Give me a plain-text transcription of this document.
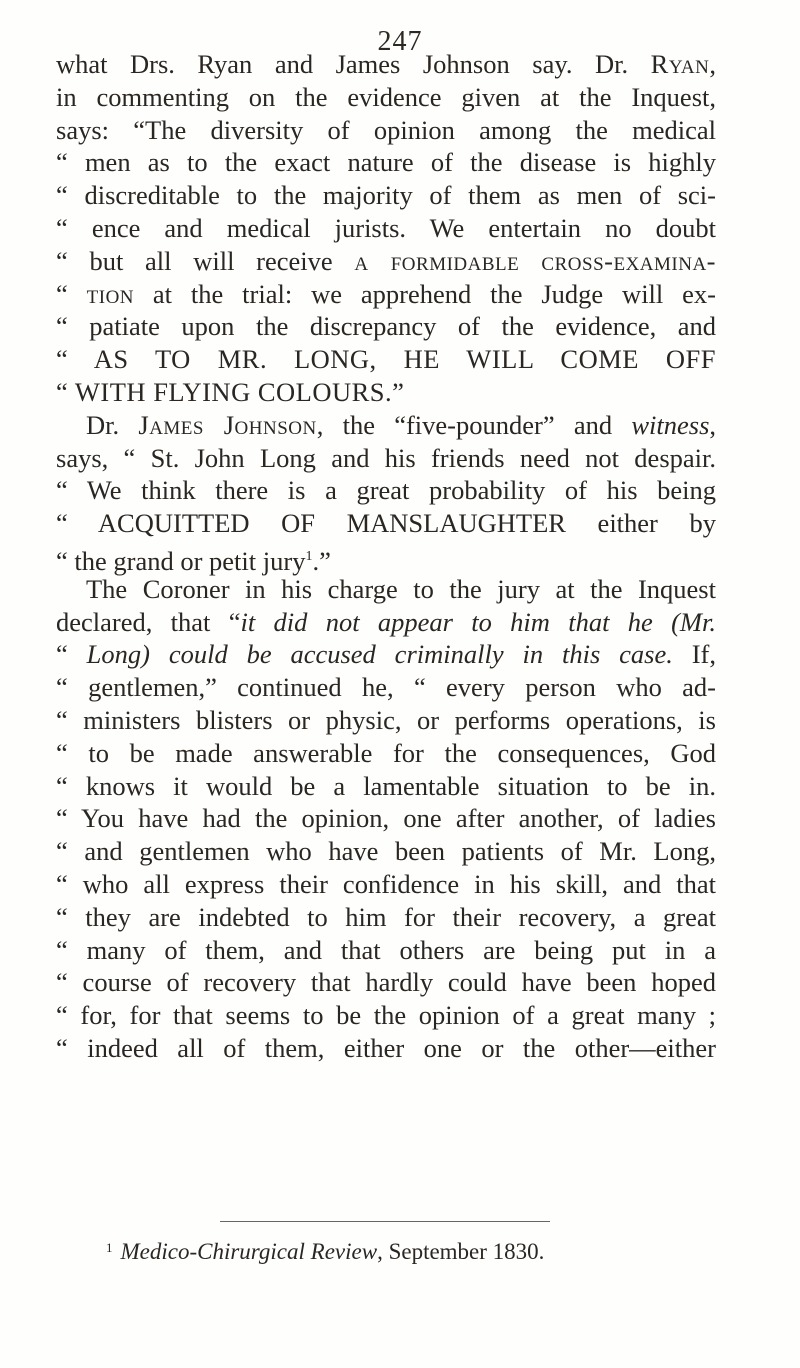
247
what Drs. Ryan and James Johnson say. Dr. Ryan,
in commenting on the evidence given at the Inquest,
says: “The diversity of opinion among the medical
“ men as to the exact nature of the disease is highly
“ discreditable to the majority of them as men of sci-
“ ence and medical jurists. We entertain no doubt
“ but all will receive a formidable cross-examina-
“ tion at the trial: we apprehend the Judge will ex-
“ patiate upon the discrepancy of the evidence, and
“ AS TO MR. LONG, HE WILL COME OFF
“ WITH FLYING COLOURS.”
Dr. James Johnson, the “five-pounder” and witness,
says, “ St. John Long and his friends need not despair.
“ We think there is a great probability of his being
“ ACQUITTED OF MANSLAUGHTER either by
“ the grand or petit jury$^1$.”
The Coroner in his charge to the jury at the Inquest
declared, that “it did not appear to him that he (Mr.
“ Long) could be accused criminally in this case. If,
“ gentlemen,” continued he, “ every person who ad-
“ ministers blisters or physic, or performs operations, is
“ to be made answerable for the consequences, God
“ knows it would be a lamentable situation to be in.
“ You have had the opinion, one after another, of ladies
“ and gentlemen who have been patients of Mr. Long,
“ who all express their confidence in his skill, and that
“ they are indebted to him for their recovery, a great
“ many of them, and that others are being put in a
“ course of recovery that hardly could have been hoped
“ for, for that seems to be the opinion of a great many ;
“ indeed all of them, either one or the other—either
$^1$ Medico-Chirurgical Review, September 1830.
